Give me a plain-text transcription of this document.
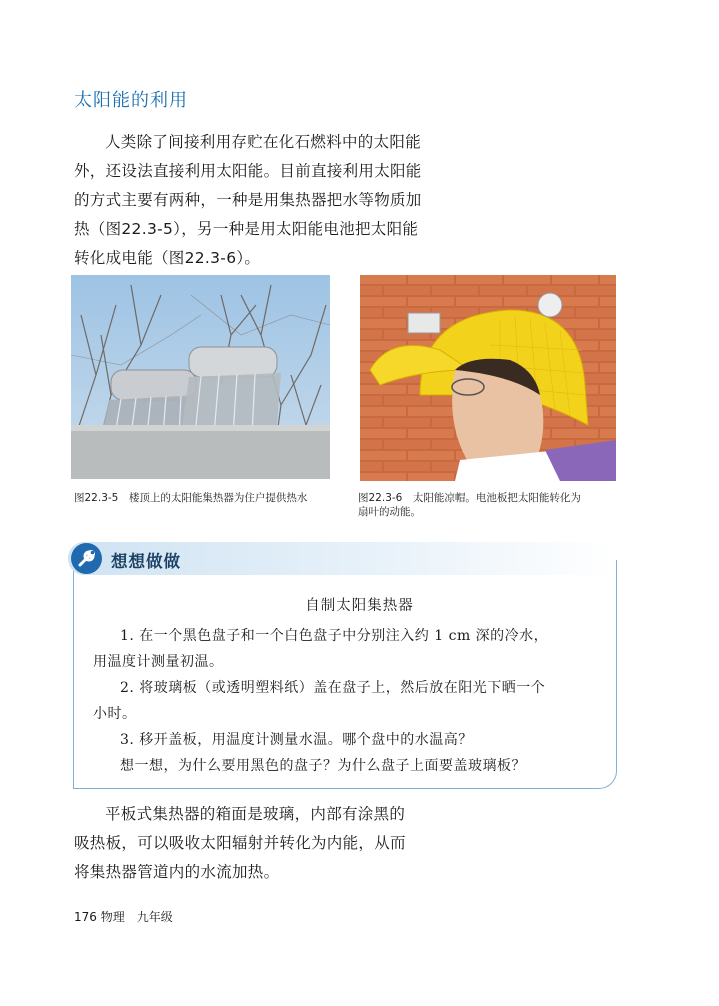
太阳能的利用
人类除了间接利用存贮在化石燃料中的太阳能
外，还设法直接利用太阳能。目前直接利用太阳能
的方式主要有两种，一种是用集热器把水等物质加
热（图22.3-5），另一种是用太阳能电池把太阳能
转化成电能（图22.3-6）。
图22.3-5　楼顶上的太阳能集热器为住户提供热水	图22.3-6　太阳能凉帽。电池板把太阳能转化为
扇叶的动能。
想想做做
自制太阳集热器
1. 在一个黑色盘子和一个白色盘子中分别注入约 1 cm 深的冷水，
用温度计测量初温。
2. 将玻璃板（或透明塑料纸）盖在盘子上，然后放在阳光下晒一个
小时。
3. 移开盖板，用温度计测量水温。哪个盘中的水温高？
想一想，为什么要用黑色的盘子？为什么盘子上面要盖玻璃板？
平板式集热器的箱面是玻璃，内部有涂黑的
吸热板，可以吸收太阳辐射并转化为内能，从而
将集热器管道内的水流加热。
176 物理　九年级
